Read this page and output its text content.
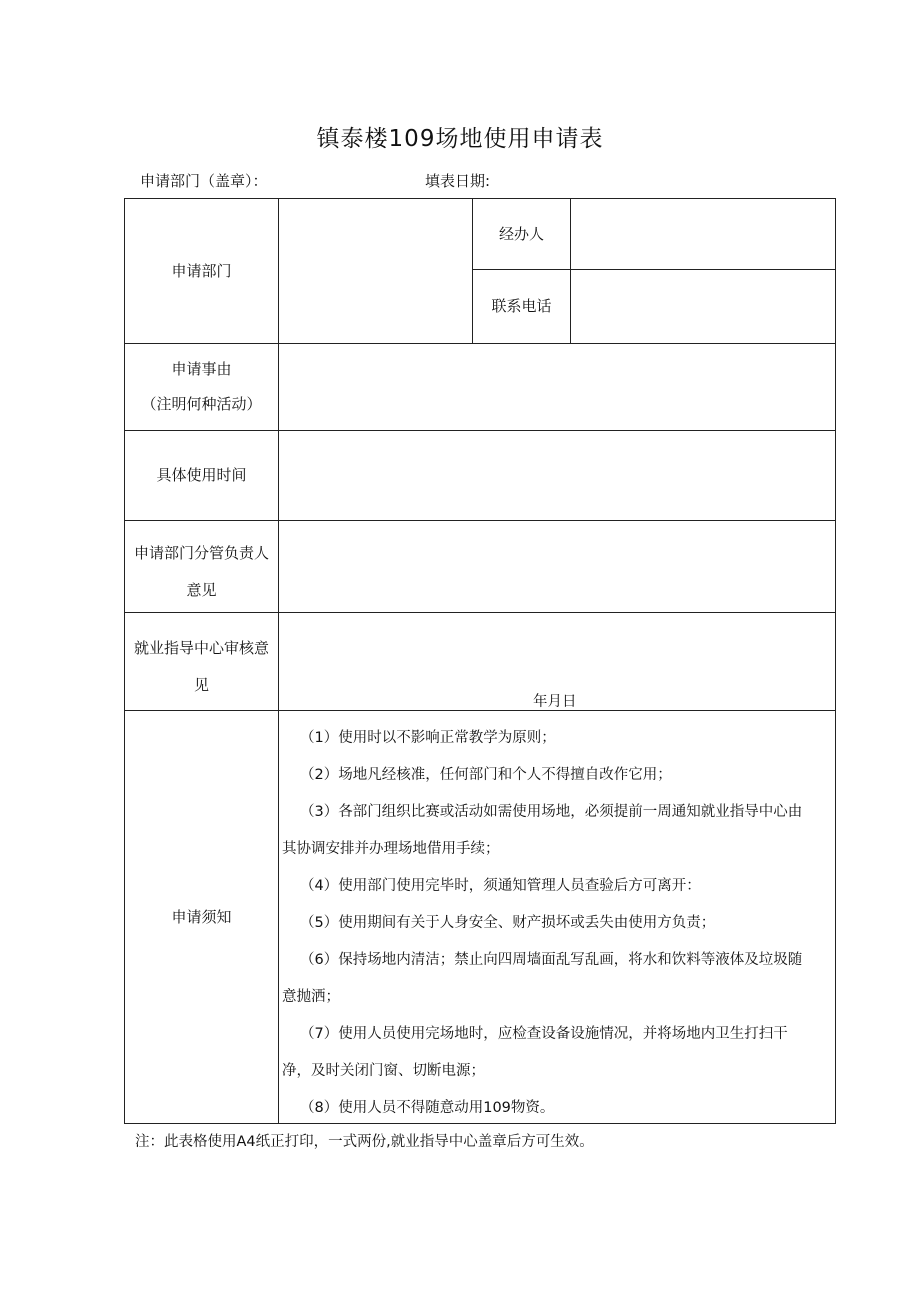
镇泰楼109场地使用申请表
申请部门（盖章）：	填表日期:
申请部门
经办人
联系电话
申请事由
（注明何种活动）
具体使用时间
申请部门分管负责人
意见
就业指导中心审核意
见
年月日
申请须知
（1）使用时以不影响正常教学为原则；
（2）场地凡经核准，任何部门和个人不得擅自改作它用；
（3）各部门组织比赛或活动如需使用场地，必须提前一周通知就业指导中心由
其协调安排并办理场地借用手续；
（4）使用部门使用完毕时，须通知管理人员查验后方可离开：
（5）使用期间有关于人身安全、财产损坏或丢失由使用方负责；
（6）保持场地内清洁；禁止向四周墙面乱写乱画，将水和饮料等液体及垃圾随
意抛洒；
（7）使用人员使用完场地时，应检查设备设施情况，并将场地内卫生打扫干
净，及时关闭门窗、切断电源；
（8）使用人员不得随意动用109物资。
注：此表格使用A4纸正打印，一式两份,就业指导中心盖章后方可生效。
